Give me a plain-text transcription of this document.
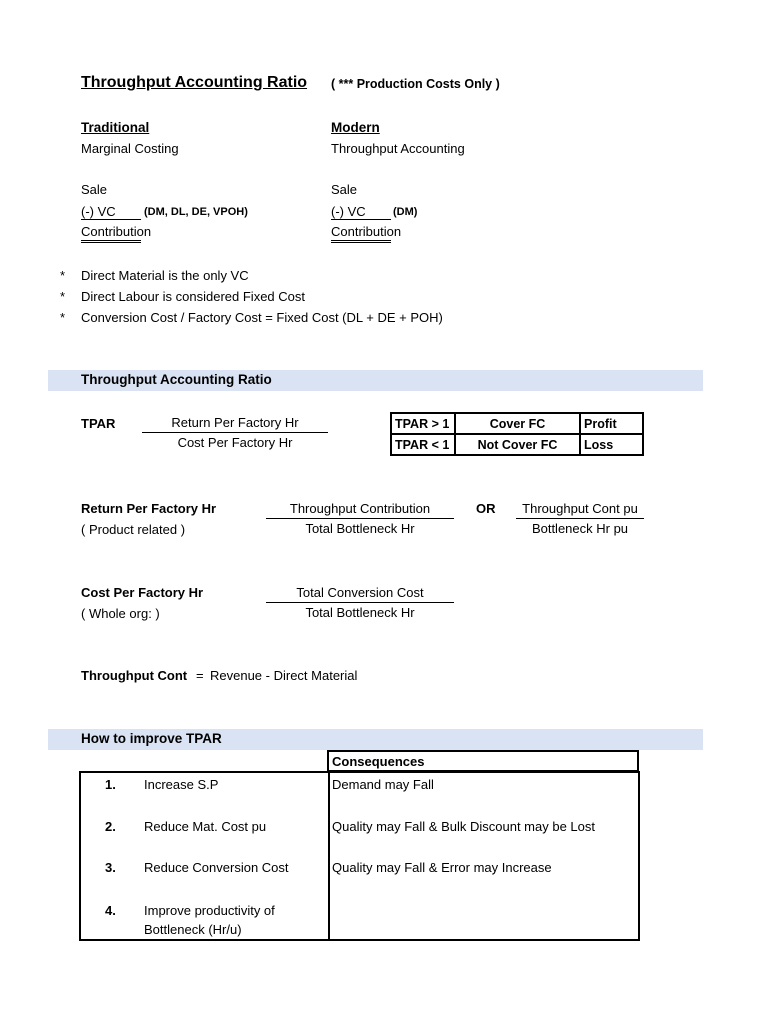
Throughput Accounting Ratio ( *** Production Costs Only )
Traditional
Marginal Costing
Sale
(-) VC	(DM, DL, DE, VPOH)
Contribution
Modern
Throughput Accounting
Sale
(-) VC	(DM)
Contribution
* Direct Material is the only VC
* Direct Labour is considered Fixed Cost
* Conversion Cost / Factory Cost = Fixed Cost (DL + DE + POH)
Throughput Accounting Ratio
TPAR	Return Per Factory Hr
Cost Per Factory Hr
TPAR > 1	Cover FC	Profit
TPAR < 1	Not Cover FC	Loss
Return Per Factory Hr
( Product related )
Throughput Contribution
Total Bottleneck Hr
OR	Throughput Cont pu
Bottleneck Hr pu
Cost Per Factory Hr
( Whole org: )
Total Conversion Cost
Total Bottleneck Hr
Throughput Cont = Revenue - Direct Material
How to improve TPAR
Consequences
1. Increase S.P	Demand may Fall
2. Reduce Mat. Cost pu	Quality may Fall & Bulk Discount may be Lost
3. Reduce Conversion Cost	Quality may Fall & Error may Increase
4. Improve productivity of
Bottleneck (Hr/u)
